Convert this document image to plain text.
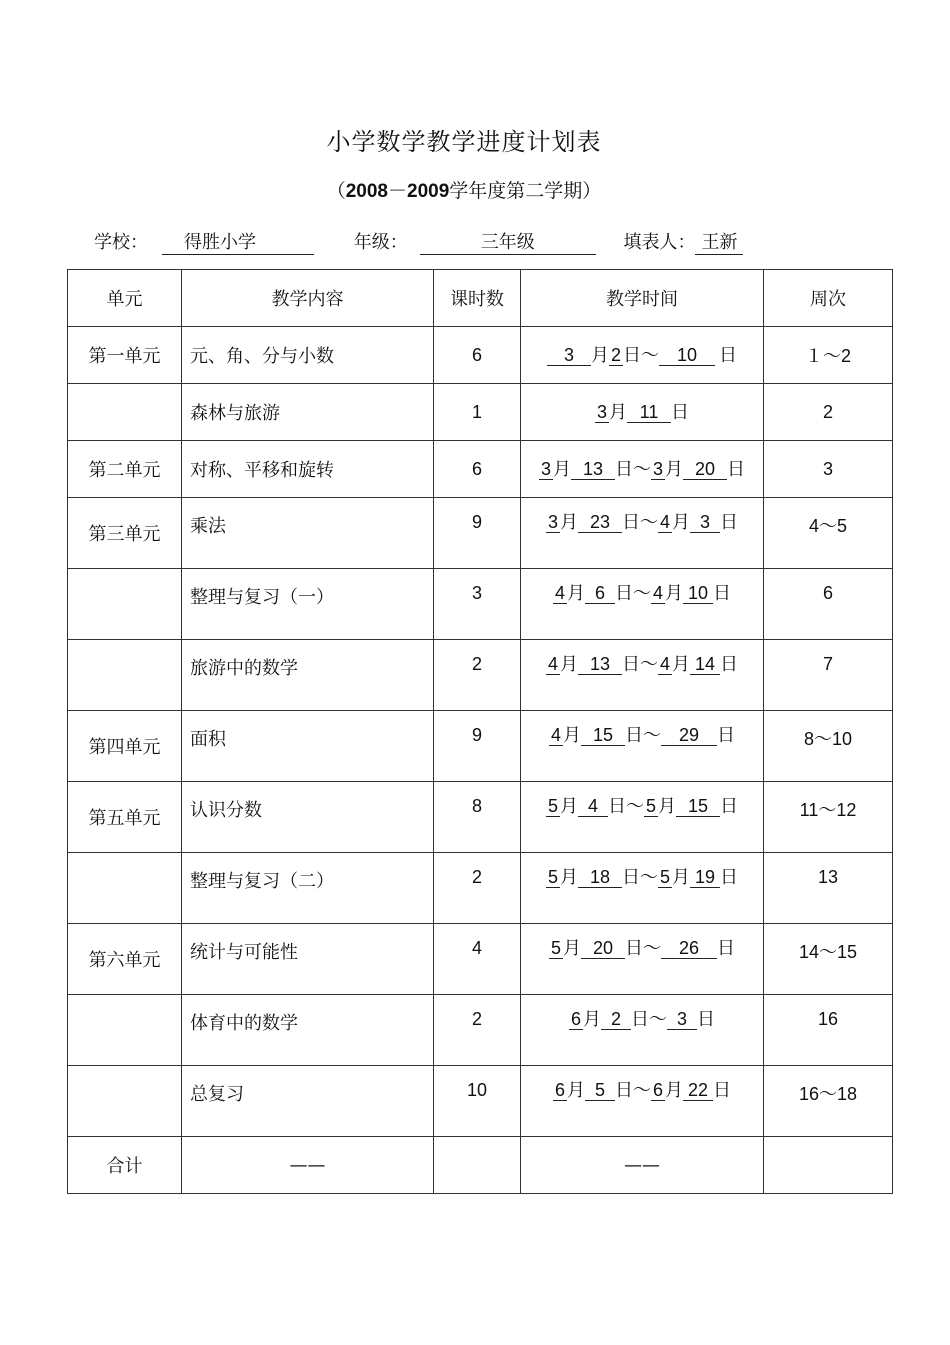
小学数学教学进度计划表
（2008－2009学年度第二学期）
学校： 得胜小学	年级：	三年级	填表人： 王新
单元	教学内容	课时数	教学时间	周次
第一单元	元、角、分与小数	6	3 月 2 日～ 10 日	１～2
	森林与旅游	1	3 月 11 日	2
第二单元	对称、平移和旋转	6	3 月 13 日～ 3 月 20 日	3
第三单元	乘法	9	3 月 23 日～ 4 月 3 日	4～5
	整理与复习（一）	3	4 月 6 日～ 4 月 10 日	6
	旅游中的数学	2	4 月 13 日～ 4 月 14 日	7
第四单元	面积	9	4 月 15 日～ 29 日	8～10
第五单元	认识分数	8	5 月 4 日～ 5 月 15 日	11～12
	整理与复习（二）	2	5 月 18 日～ 5 月 19 日	13
第六单元	统计与可能性	4	5 月 20 日～ 26 日	14～15
	体育中的数学	2	6 月 2 日～ 3 日	16
	总复习	10	6 月 5 日～ 6 月 22 日	16～18
合计	——		——	
